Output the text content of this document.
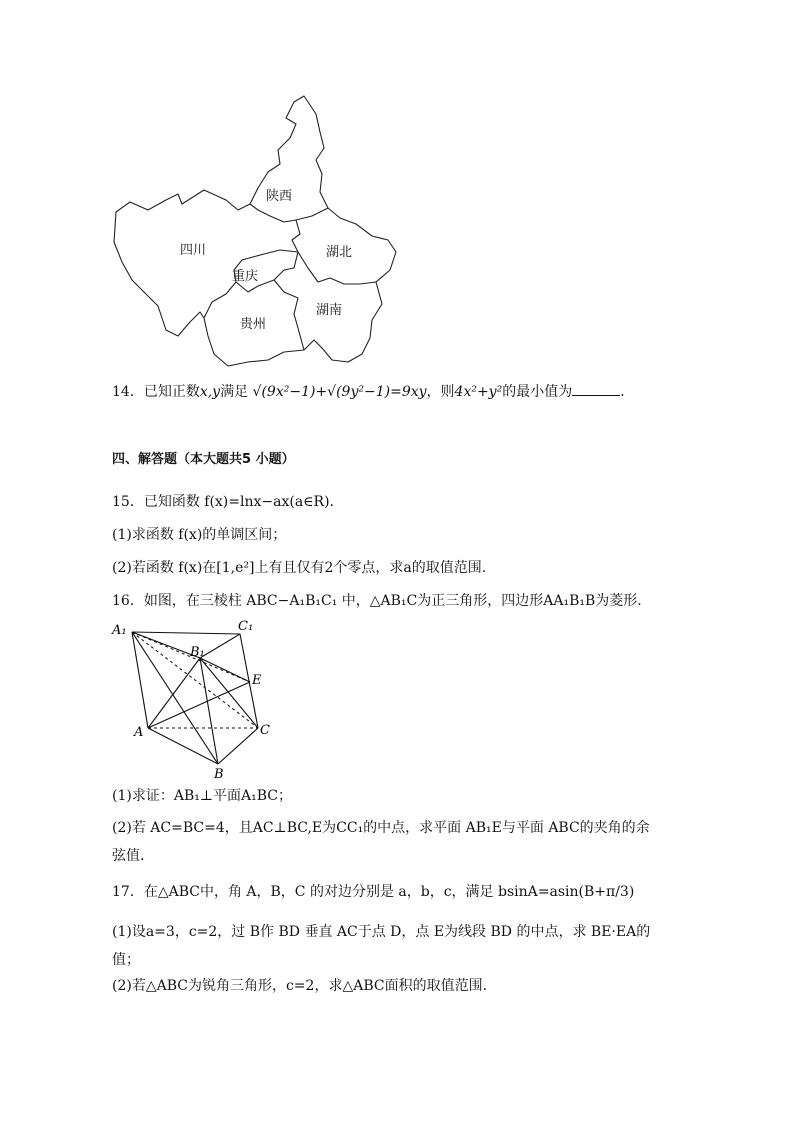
陕西
四川	湖北
重庆
贵州
湖南
14．已知正数x,y满足 √(9x²−1)+√(9y²−1)=9xy，则4x²+y²的最小值为	．
四、解答题（本大题共5 小题）
15．已知函数 f(x)=lnx−ax(a∈R).
(1)求函数 f(x)的单调区间；
(2)若函数 f(x)在[1,e²]上有且仅有2个零点，求a的取值范围.
16．如图，在三棱柱 ABC−A₁B₁C₁ 中，△AB₁C为正三角形，四边形AA₁B₁B为菱形.
A₁	C₁
B₁
E
A	C
B
(1)求证：AB₁⊥平面A₁BC；
(2)若 AC=BC=4，且AC⊥BC,E为CC₁的中点，求平面 AB₁E与平面 ABC的夹角的余
弦值.
17．在△ABC中，角 A，B，C 的对边分别是 a，b，c，满足 bsinA=asin(B+π/3)
(1)设a=3，c=2，过 B作 BD 垂直 AC于点 D，点 E为线段 BD 的中点，求 BE·EA的
值；
(2)若△ABC为锐角三角形，c=2，求△ABC面积的取值范围.
